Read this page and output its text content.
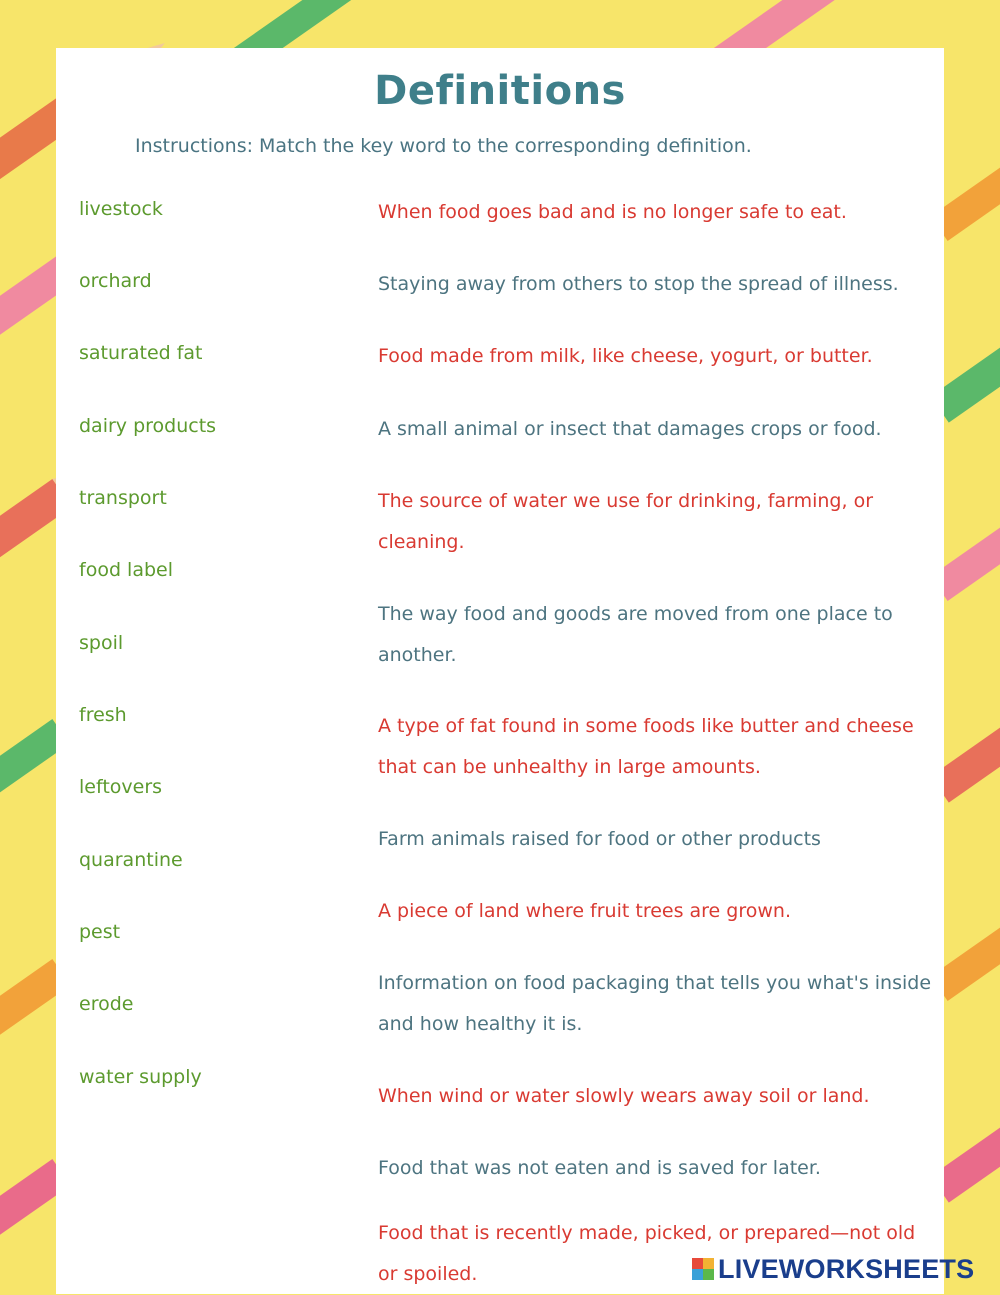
Definitions
Instructions: Match the key word to the corresponding definition.
livestock
orchard
saturated fat
dairy products
transport
food label
spoil
fresh
leftovers
quarantine
pest
erode
water supply
When food goes bad and is no longer safe to eat.
Staying away from others to stop the spread of illness.
Food made from milk, like cheese, yogurt, or butter.
A small animal or insect that damages crops or food.
The source of water we use for drinking, farming, or cleaning.
The way food and goods are moved from one place to another.
A type of fat found in some foods like butter and cheese that can be unhealthy in large amounts.
Farm animals raised for food or other products
A piece of land where fruit trees are grown.
Information on food packaging that tells you what's inside and how healthy it is.
When wind or water slowly wears away soil or land.
Food that was not eaten and is saved for later.
Food that is recently made, picked, or prepared—not old or spoiled.	LIVEWORKSHEETS
